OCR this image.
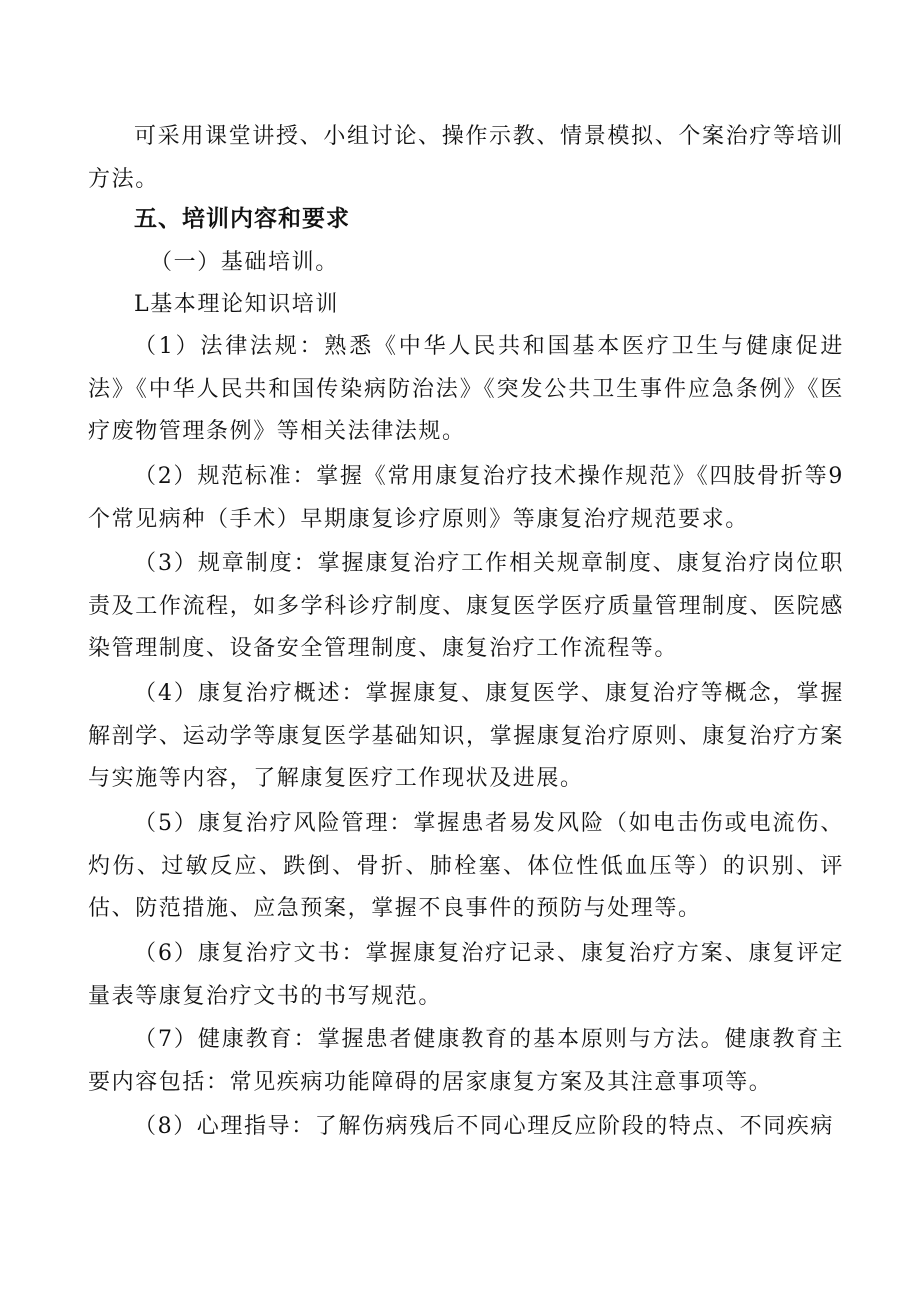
可采用课堂讲授、小组讨论、操作示教、情景模拟、个案治疗等培训方法。

五、培训内容和要求

（一）基础培训。

L基本理论知识培训

（1）法律法规：熟悉《中华人民共和国基本医疗卫生与健康促进法》《中华人民共和国传染病防治法》《突发公共卫生事件应急条例》《医疗废物管理条例》等相关法律法规。

（2）规范标准：掌握《常用康复治疗技术操作规范》《四肢骨折等9个常见病种（手术）早期康复诊疗原则》等康复治疗规范要求。

（3）规章制度：掌握康复治疗工作相关规章制度、康复治疗岗位职责及工作流程，如多学科诊疗制度、康复医学医疗质量管理制度、医院感染管理制度、设备安全管理制度、康复治疗工作流程等。

（4）康复治疗概述：掌握康复、康复医学、康复治疗等概念，掌握解剖学、运动学等康复医学基础知识，掌握康复治疗原则、康复治疗方案与实施等内容，了解康复医疗工作现状及进展。

（5）康复治疗风险管理：掌握患者易发风险（如电击伤或电流伤、灼伤、过敏反应、跌倒、骨折、肺栓塞、体位性低血压等）的识别、评估、防范措施、应急预案，掌握不良事件的预防与处理等。

（6）康复治疗文书：掌握康复治疗记录、康复治疗方案、康复评定量表等康复治疗文书的书写规范。

（7）健康教育：掌握患者健康教育的基本原则与方法。健康教育主要内容包括：常见疾病功能障碍的居家康复方案及其注意事项等。

（8）心理指导：了解伤病残后不同心理反应阶段的特点、不同疾病
